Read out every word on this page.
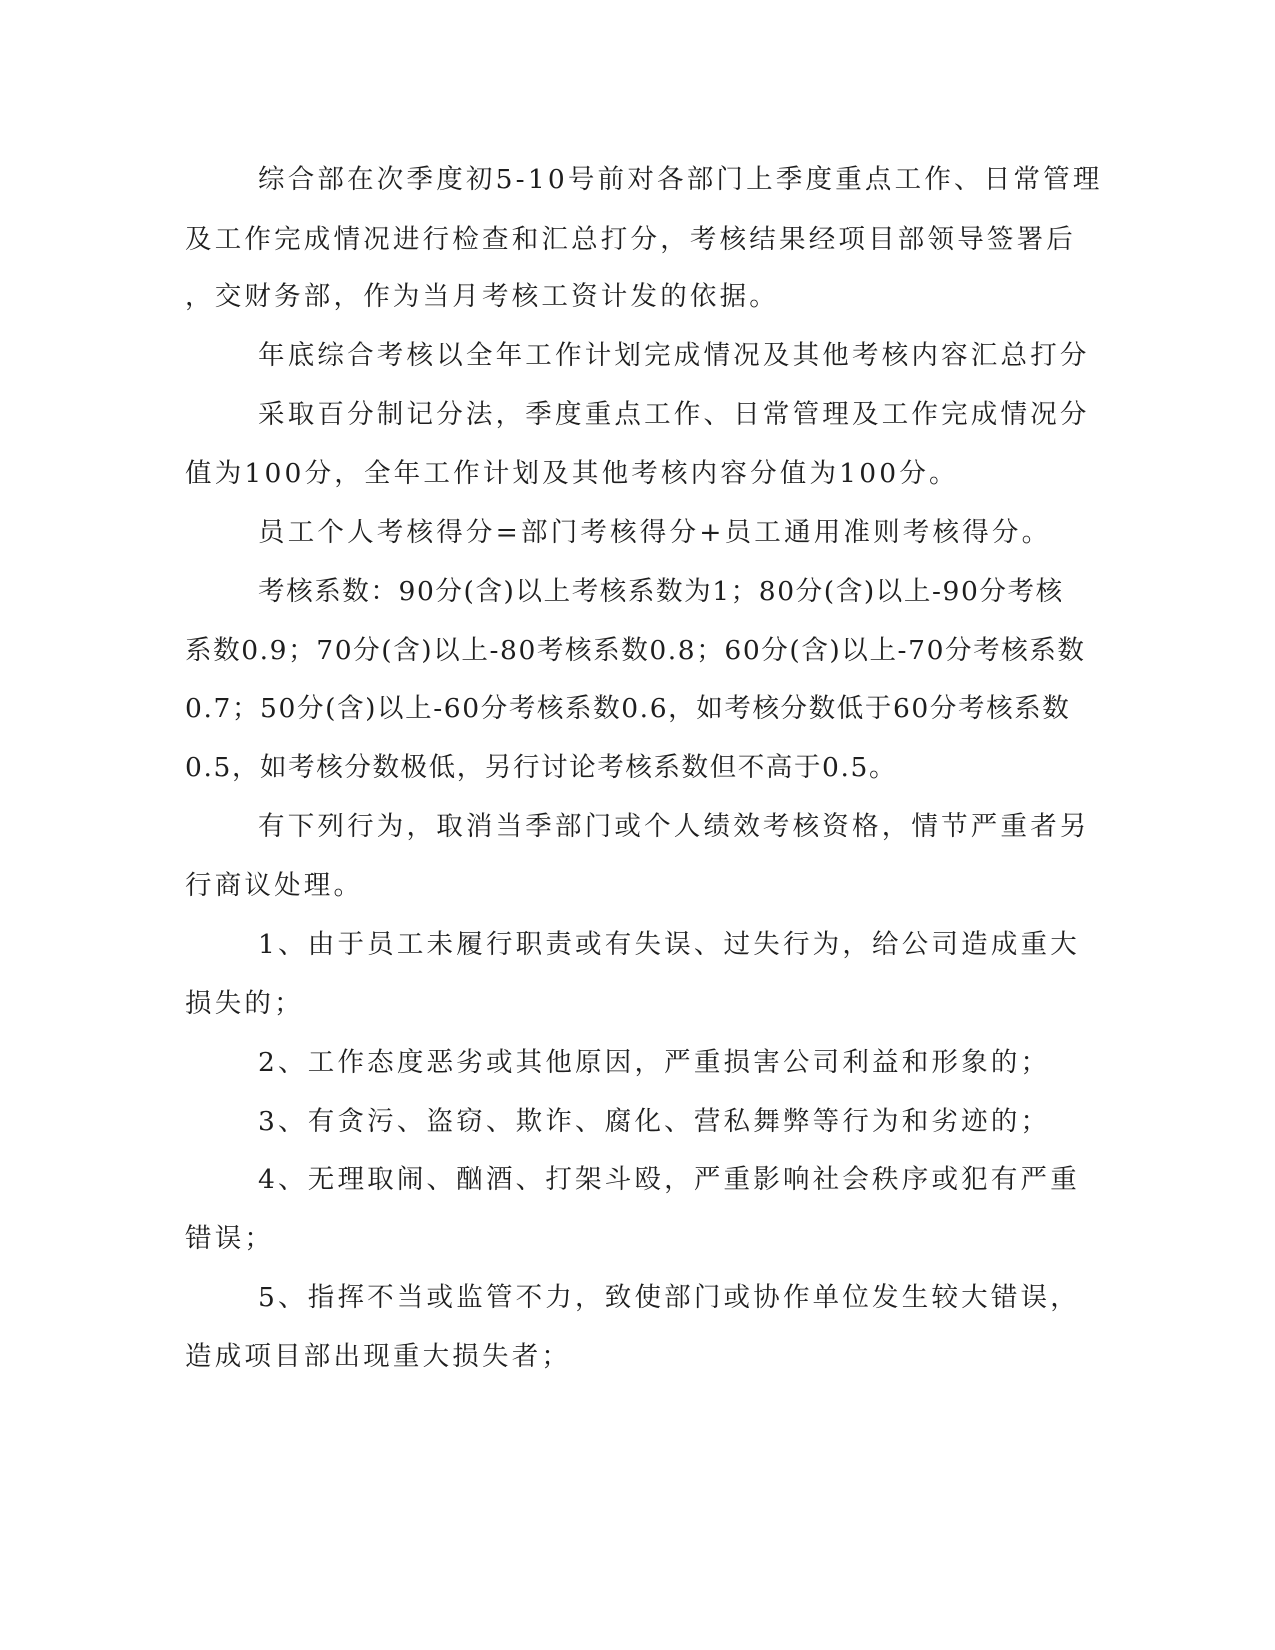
综合部在次季度初5-10号前对各部门上季度重点工作、日常管理
及工作完成情况进行检查和汇总打分，考核结果经项目部领导签署后
，交财务部，作为当月考核工资计发的依据。
年底综合考核以全年工作计划完成情况及其他考核内容汇总打分
采取百分制记分法，季度重点工作、日常管理及工作完成情况分
值为100分，全年工作计划及其他考核内容分值为100分。
员工个人考核得分=部门考核得分+员工通用准则考核得分。
考核系数：90分(含)以上考核系数为1；80分(含)以上-90分考核
系数0.9；70分(含)以上-80考核系数0.8；60分(含)以上-70分考核系数
0.7；50分(含)以上-60分考核系数0.6，如考核分数低于60分考核系数
0.5，如考核分数极低，另行讨论考核系数但不高于0.5。
有下列行为，取消当季部门或个人绩效考核资格，情节严重者另
行商议处理。
1、由于员工未履行职责或有失误、过失行为，给公司造成重大
损失的；
2、工作态度恶劣或其他原因，严重损害公司利益和形象的；
3、有贪污、盗窃、欺诈、腐化、营私舞弊等行为和劣迹的；
4、无理取闹、酗酒、打架斗殴，严重影响社会秩序或犯有严重
错误；
5、指挥不当或监管不力，致使部门或协作单位发生较大错误，
造成项目部出现重大损失者；
